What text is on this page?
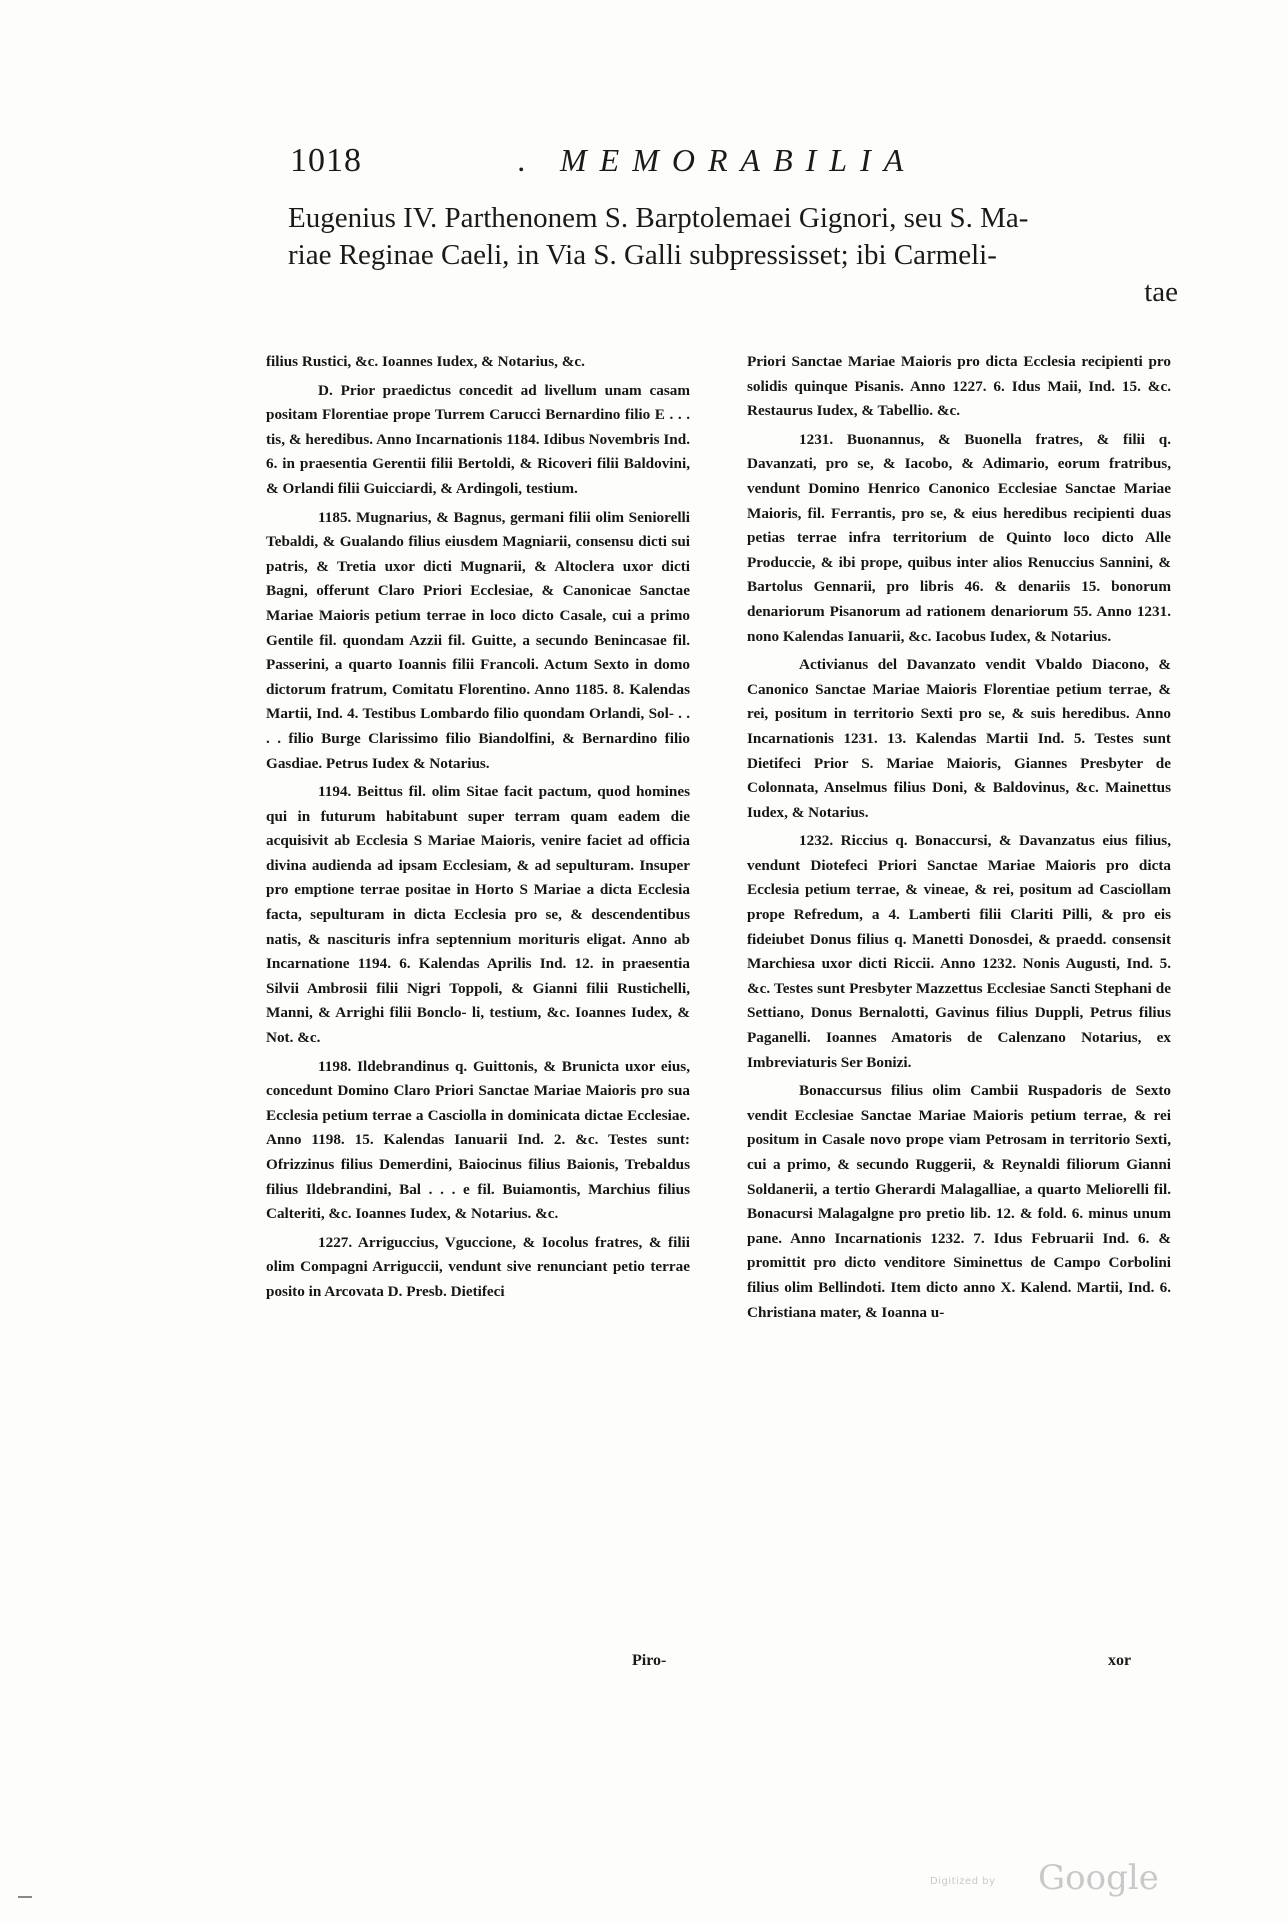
1018	. MEMORABILIA
Eugenius IV. Parthenonem S. Barptolemaei Gignori, seu S. Ma-
riae Reginae Caeli, in Via S. Galli subpressisset; ibi Carmeli-
tae

filius Rustici, &c. Ioannes Iudex, & Notarius, &c.

D. Prior praedictus concedit ad livellum unam casam positam Florentiae prope Turrem Carucci Bernardino filio E . . . tis, & heredibus. Anno Incarnationis 1184. Idibus Novembris Ind. 6. in praesentia Gerentii filii Bertoldi, & Ricoveri filii Baldovini, & Orlandi filii Guicciardi, & Ardingoli, testium.

1185. Mugnarius, & Bagnus, germani filii olim Seniorelli Tebaldi, & Gualando filius eiusdem Magniarii, consensu dicti sui patris, & Tretia uxor dicti Mugnarii, & Altoclera uxor dicti Bagni, offerunt Claro Priori Ecclesiae, & Canonicae Sanctae Mariae Maioris petium terrae in loco dicto Casale, cui a primo Gentile fil. quondam Azzii fil. Guitte, a secundo Benincasae fil. Passerini, a quarto Ioannis filii Francoli. Actum Sexto in domo dictorum fratrum, Comitatu Florentino. Anno 1185. 8. Kalendas Martii, Ind. 4. Testibus Lombardo filio quondam Orlandi, Sol- . . . . filio Burge Clarissimo filio Biandolfini, & Bernardino filio Gasdiae. Petrus Iudex & Notarius.

1194. Beittus fil. olim Sitae facit pactum, quod homines qui in futurum habitabunt super terram quam eadem die acquisivit ab Ecclesia S Mariae Maioris, venire faciet ad officia divina audienda ad ipsam Ecclesiam, & ad sepulturam. Insuper pro emptione terrae positae in Horto S Mariae a dicta Ecclesia facta, sepulturam in dicta Ecclesia pro se, & descendentibus natis, & nascituris infra septennium morituris eligat. Anno ab Incarnatione 1194. 6. Kalendas Aprilis Ind. 12. in praesentia Silvii Ambrosii filii Nigri Toppoli, & Gianni filii Rustichelli, Manni, & Arrighi filii Bonclo- li, testium, &c. Ioannes Iudex, & Not. &c.

1198. Ildebrandinus q. Guittonis, & Brunicta uxor eius, concedunt Domino Claro Priori Sanctae Mariae Maioris pro sua Ecclesia petium terrae a Casciolla in dominicata dictae Ecclesiae. Anno 1198. 15. Kalendas Ianuarii Ind. 2. &c. Testes sunt: Ofrizzinus filius Demerdini, Baiocinus filius Baionis, Trebaldus filius Ildebrandini, Bal . . . e fil. Buiamontis, Marchius filius Calteriti, &c. Ioannes Iudex, & Notarius. &c.

1227. Arriguccius, Vguccione, & Iocolus fratres, & filii olim Compagni Arriguccii, vendunt sive renunciant petio terrae posito in Arcovata D. Presb. Dietifeci

Piro-

Priori Sanctae Mariae Maioris pro dicta Ecclesia recipienti pro solidis quinque Pisanis. Anno 1227. 6. Idus Maii, Ind. 15. &c. Restaurus Iudex, & Tabellio. &c.

1231. Buonannus, & Buonella fratres, & filii q. Davanzati, pro se, & Iacobo, & Adimario, eorum fratribus, vendunt Domino Henrico Canonico Ecclesiae Sanctae Mariae Maioris, fil. Ferrantis, pro se, & eius heredibus recipienti duas petias terrae infra territorium de Quinto loco dicto Alle Produccie, & ibi prope, quibus inter alios Renuccius Sannini, & Bartolus Gennarii, pro libris 46. & denariis 15. bonorum denariorum Pisanorum ad rationem denariorum 55. Anno 1231. nono Kalendas Ianuarii, &c. Iacobus Iudex, & Notarius.

Activianus del Davanzato vendit Vbaldo Diacono, & Canonico Sanctae Mariae Maioris Florentiae petium terrae, & rei, positum in territorio Sexti pro se, & suis heredibus. Anno Incarnationis 1231. 13. Kalendas Martii Ind. 5. Testes sunt Dietifeci Prior S. Mariae Maioris, Giannes Presbyter de Colonnata, Anselmus filius Doni, & Baldovinus, &c. Mainettus Iudex, & Notarius.

1232. Riccius q. Bonaccursi, & Davanzatus eius filius, vendunt Diotefeci Priori Sanctae Mariae Maioris pro dicta Ecclesia petium terrae, & vineae, & rei, positum ad Casciollam prope Refredum, a 4. Lamberti filii Clariti Pilli, & pro eis fideiubet Donus filius q. Manetti Donosdei, & praedd. consensit Marchiesa uxor dicti Riccii. Anno 1232. Nonis Augusti, Ind. 5. &c. Testes sunt Presbyter Mazzettus Ecclesiae Sancti Stephani de Settiano, Donus Bernalotti, Gavinus filius Duppli, Petrus filius Paganelli. Ioannes Amatoris de Calenzano Notarius, ex Imbreviaturis Ser Bonizi.

Bonaccursus filius olim Cambii Ruspadoris de Sexto vendit Ecclesiae Sanctae Mariae Maioris petium terrae, & rei positum in Casale novo prope viam Petrosam in territorio Sexti, cui a primo, & secundo Ruggerii, & Reynaldi filiorum Gianni Soldanerii, a tertio Gherardi Malagalliae, a quarto Meliorelli fil. Bonacursi Malagalgne pro pretio lib. 12. & fold. 6. minus unum pane. Anno Incarnationis 1232. 7. Idus Februarii Ind. 6. & promittit pro dicto venditore Siminettus de Campo Corbolini filius olim Bellindoti. Item dicto anno X. Kalend. Martii, Ind. 6. Christiana mater, & Ioanna u-

xor
Digitized by Google
